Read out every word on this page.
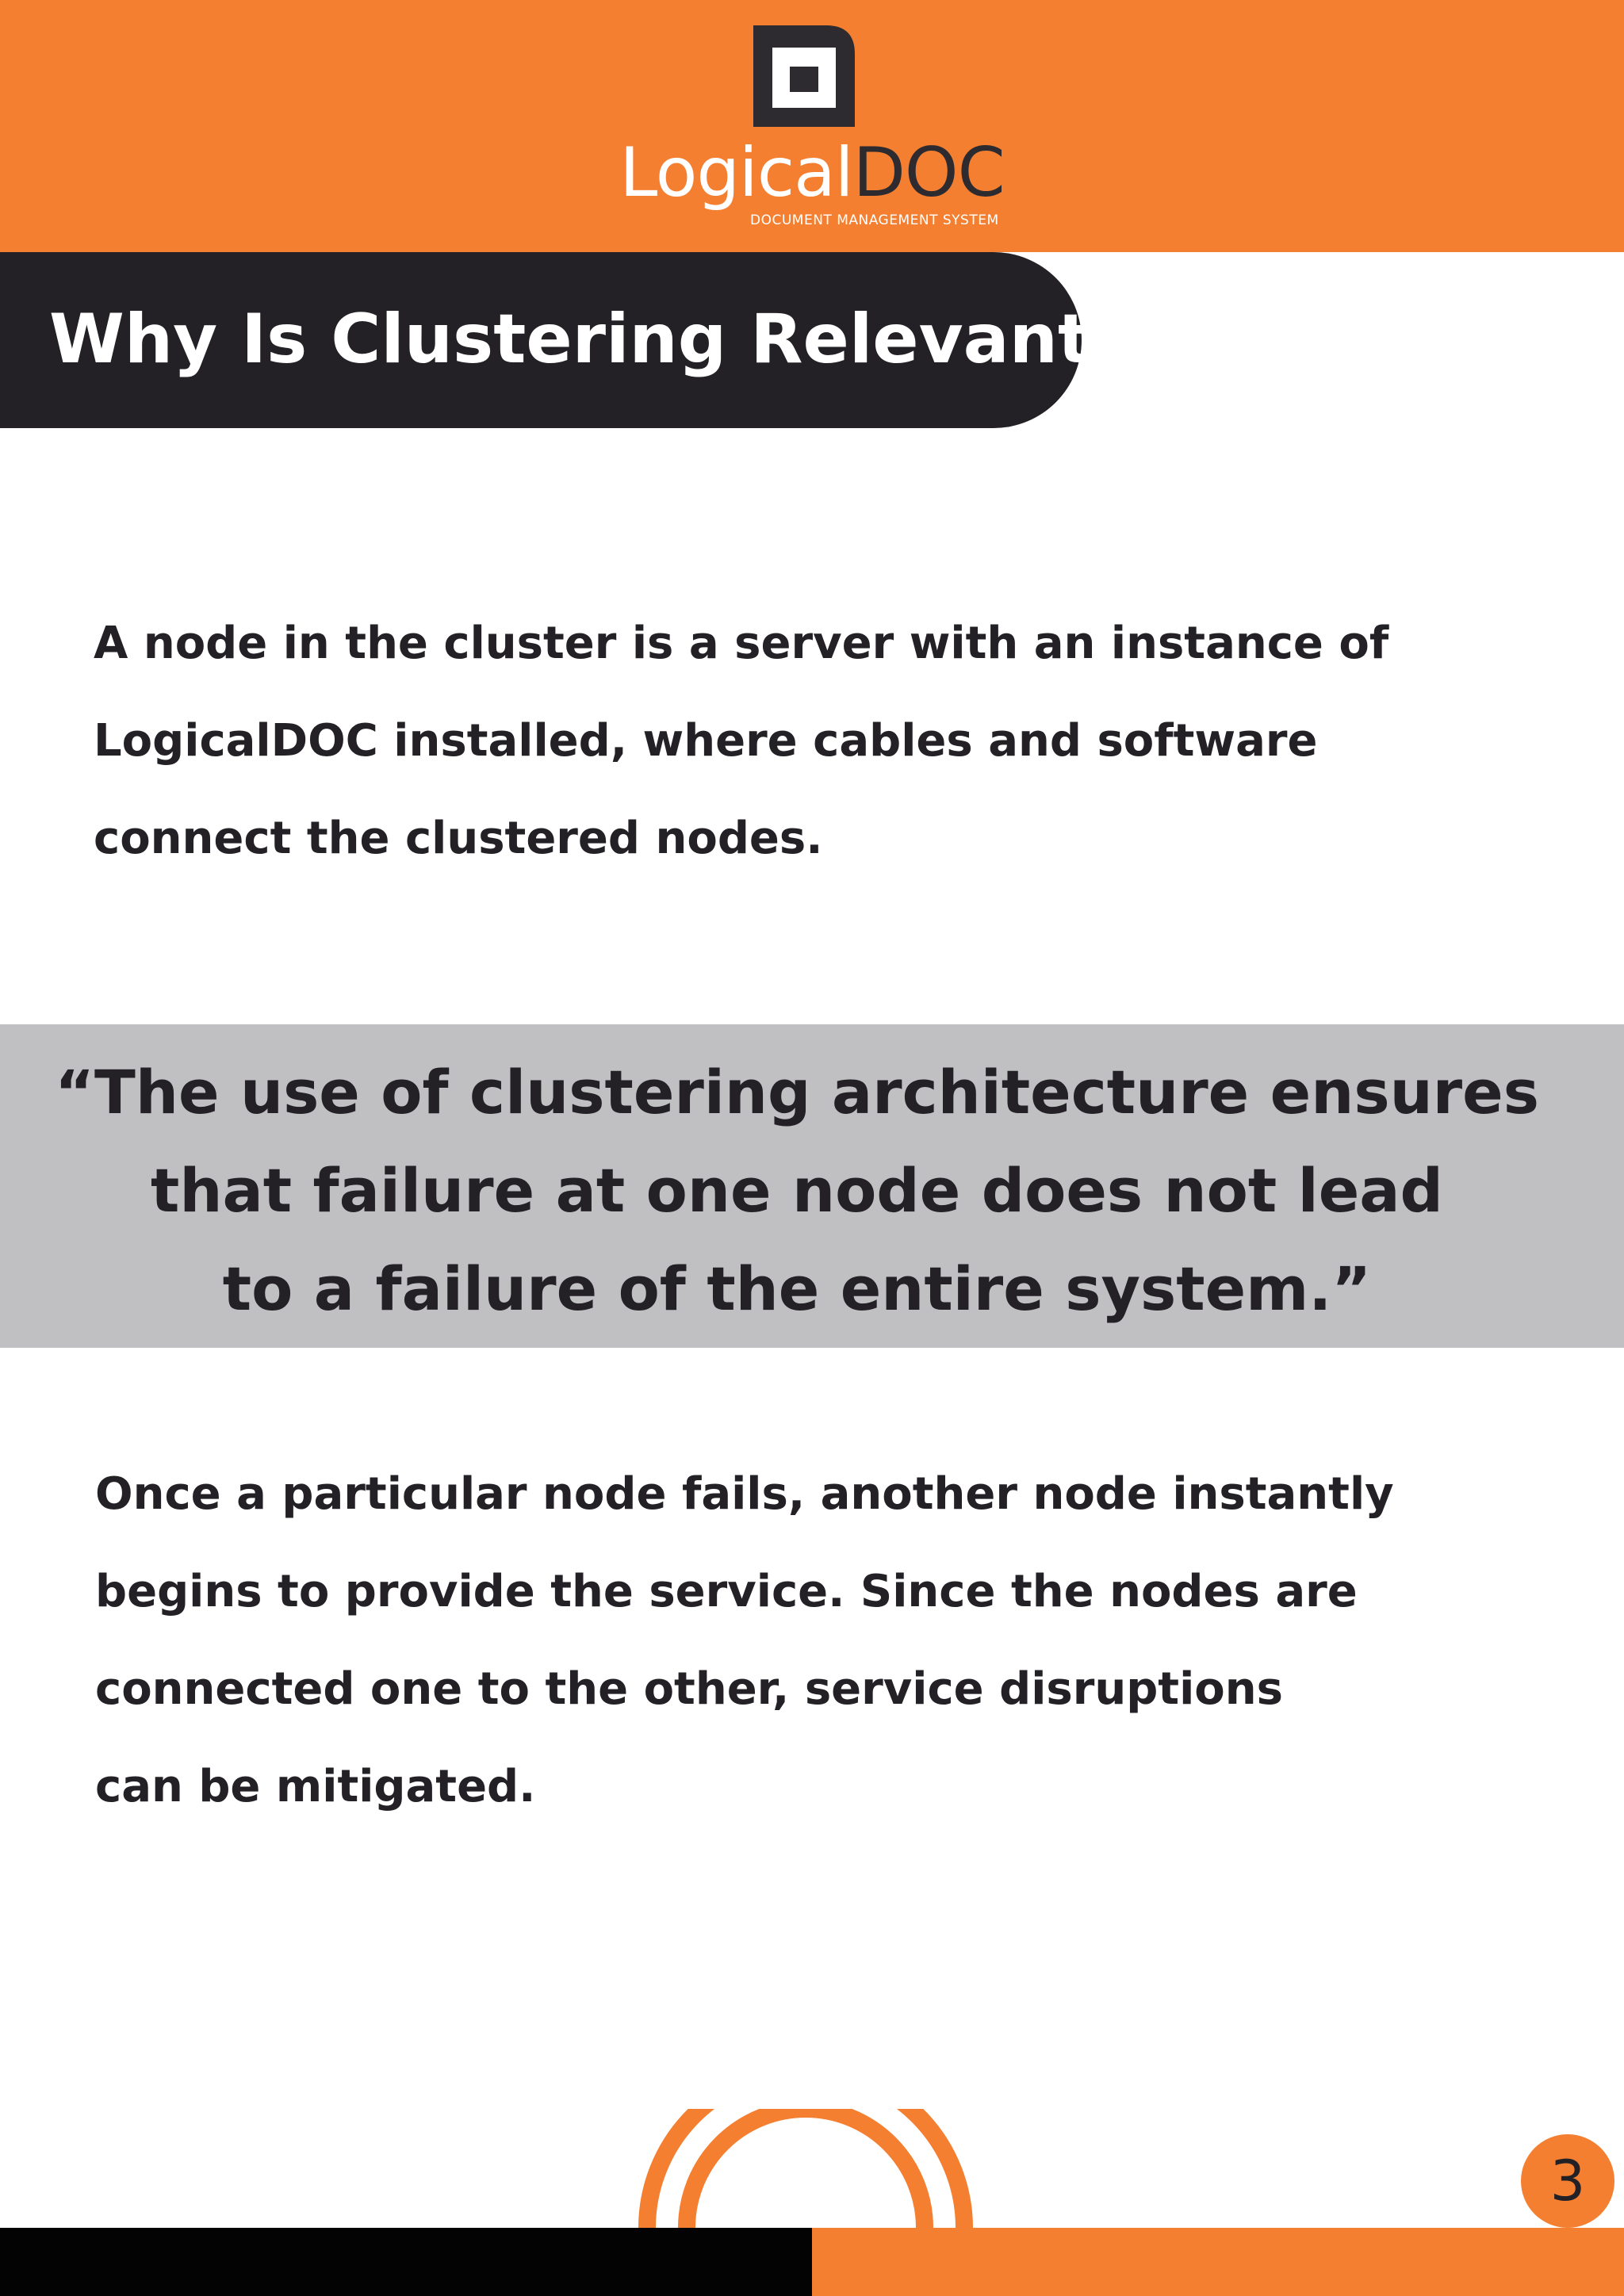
LogicalDOC
DOCUMENT MANAGEMENT SYSTEM
Why Is Clustering Relevant ?
A node in the cluster is a server with an instance of
LogicalDOC installed, where cables and software
connect the clustered nodes.
“The use of clustering architecture ensures
that failure at one node does not lead
to a failure of the entire system.”
Once a particular node fails, another node instantly
begins to provide the service. Since the nodes are
connected one to the other, service disruptions
can be mitigated.
3
